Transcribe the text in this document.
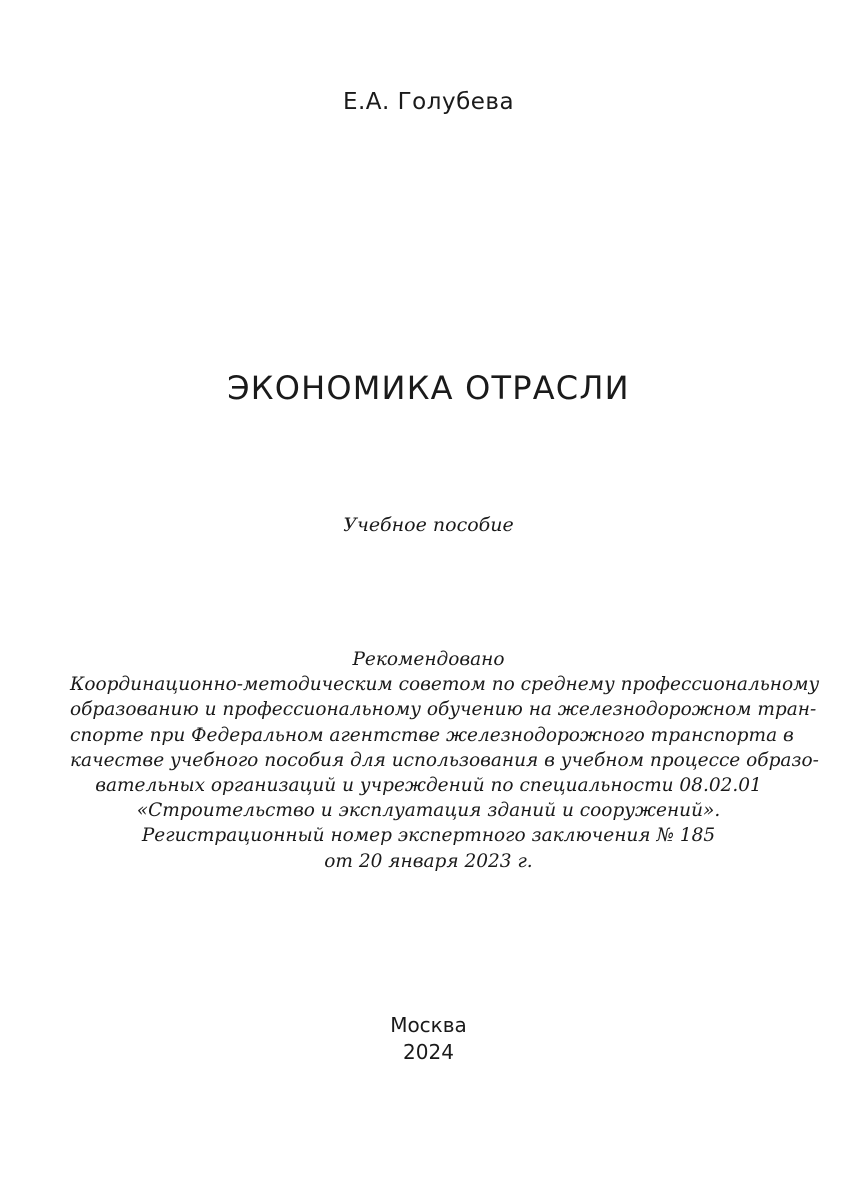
Е.А. Голубева
ЭКОНОМИКА ОТРАСЛИ
Учебное пособие
Рекомендовано
Координационно-методическим советом по среднему профессиональному
образованию и профессиональному обучению на железнодорожном тран-
спорте при Федеральном агентстве железнодорожного транспорта в
качестве учебного пособия для использования в учебном процессе образо-
вательных организаций и учреждений по специальности 08.02.01
«Строительство и эксплуатация зданий и сооружений».
Регистрационный номер экспертного заключения № 185
от 20 января 2023 г.
Москва
2024
